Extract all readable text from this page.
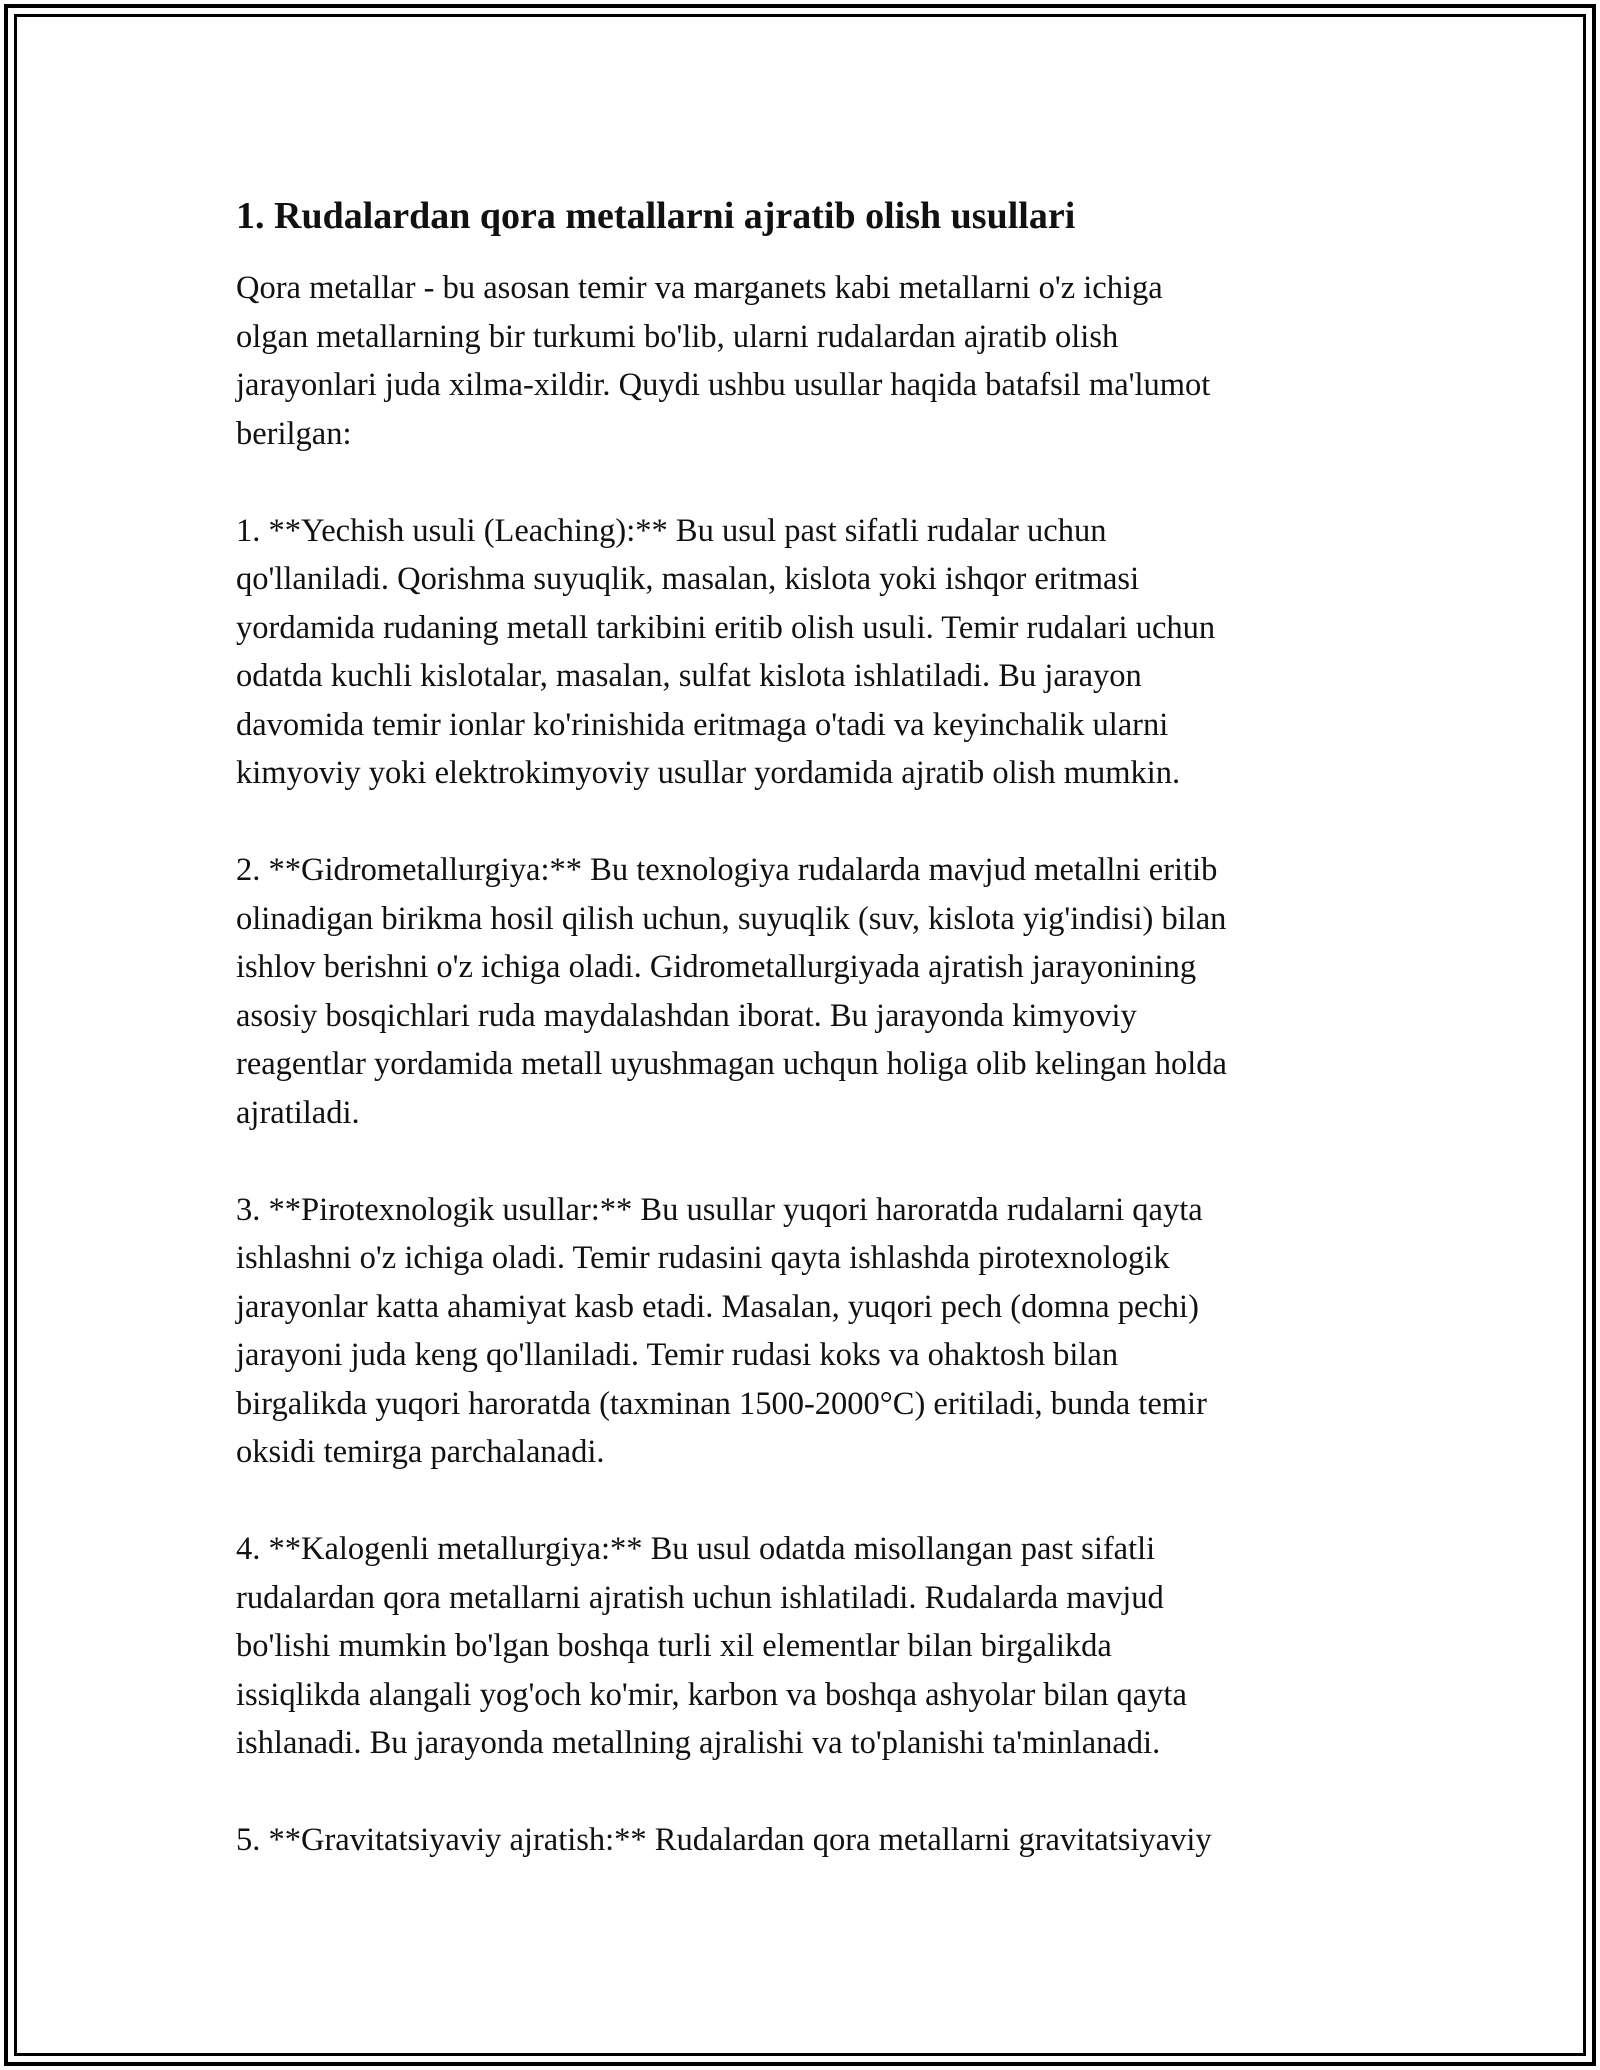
1. Rudalardan qora metallarni ajratib olish usullari

Qora metallar - bu asosan temir va marganets kabi metallarni o'z ichiga
olgan metallarning bir turkumi bo'lib, ularni rudalardan ajratib olish
jarayonlari juda xilma-xildir. Quydi ushbu usullar haqida batafsil ma'lumot
berilgan:

1. **Yechish usuli (Leaching):** Bu usul past sifatli rudalar uchun
qo'llaniladi. Qorishma suyuqlik, masalan, kislota yoki ishqor eritmasi
yordamida rudaning metall tarkibini eritib olish usuli. Temir rudalari uchun
odatda kuchli kislotalar, masalan, sulfat kislota ishlatiladi. Bu jarayon
davomida temir ionlar ko'rinishida eritmaga o'tadi va keyinchalik ularni
kimyoviy yoki elektrokimyoviy usullar yordamida ajratib olish mumkin.

2. **Gidrometallurgiya:** Bu texnologiya rudalarda mavjud metallni eritib
olinadigan birikma hosil qilish uchun, suyuqlik (suv, kislota yig'indisi) bilan
ishlov berishni o'z ichiga oladi. Gidrometallurgiyada ajratish jarayonining
asosiy bosqichlari ruda maydalashdan iborat. Bu jarayonda kimyoviy
reagentlar yordamida metall uyushmagan uchqun holiga olib kelingan holda
ajratiladi.

3. **Pirotexnologik usullar:** Bu usullar yuqori haroratda rudalarni qayta
ishlashni o'z ichiga oladi. Temir rudasini qayta ishlashda pirotexnologik
jarayonlar katta ahamiyat kasb etadi. Masalan, yuqori pech (domna pechi)
jarayoni juda keng qo'llaniladi. Temir rudasi koks va ohaktosh bilan
birgalikda yuqori haroratda (taxminan 1500-2000°C) eritiladi, bunda temir
oksidi temirga parchalanadi.

4. **Kalogenli metallurgiya:** Bu usul odatda misollangan past sifatli
rudalardan qora metallarni ajratish uchun ishlatiladi. Rudalarda mavjud
bo'lishi mumkin bo'lgan boshqa turli xil elementlar bilan birgalikda
issiqlikda alangali yog'och ko'mir, karbon va boshqa ashyolar bilan qayta
ishlanadi. Bu jarayonda metallning ajralishi va to'planishi ta'minlanadi.

5. **Gravitatsiyaviy ajratish:** Rudalardan qora metallarni gravitatsiyaviy
